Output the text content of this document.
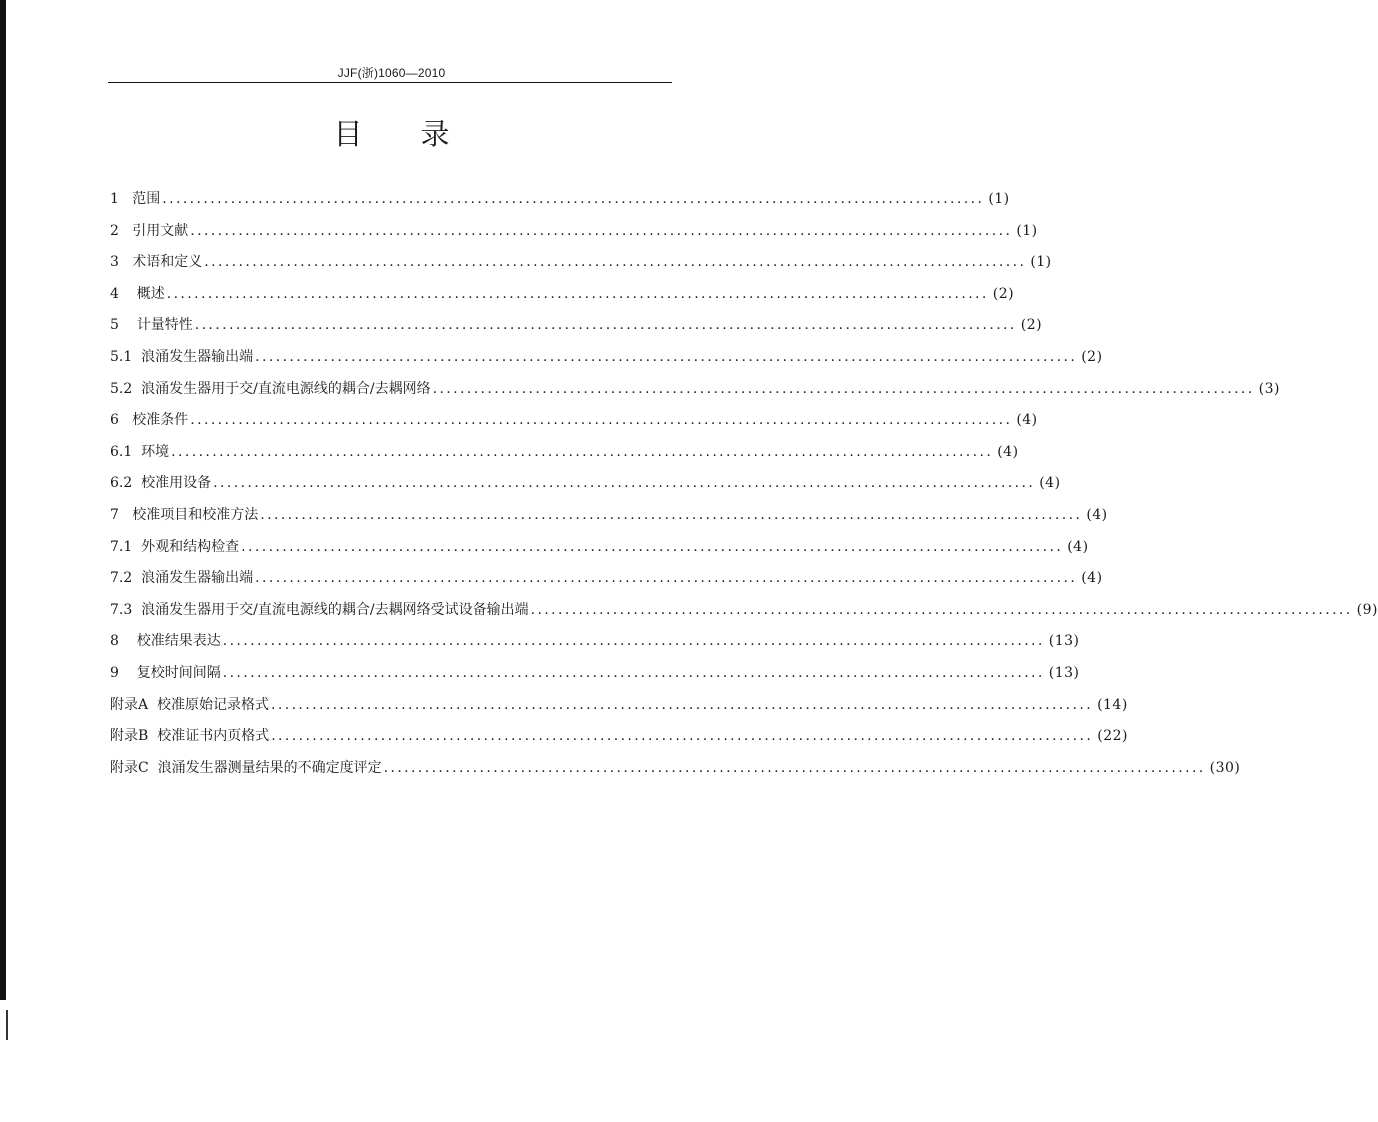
JJF(浙)1060—2010
目录
1
范围 ........................................................................................................................ (1)
2
引用文献 ........................................................................................................................ (1)
3
术语和定义 ........................................................................................................................ (1)
4
概述 ........................................................................................................................ (2)
5
计量特性 ........................................................................................................................ (2)
5.1
浪涌发生器输出端 ........................................................................................................................ (2)
5.2
浪涌发生器用于交/直流电源线的耦合/去耦网络 ........................................................................................................................ (3)
6
校准条件 ........................................................................................................................ (4)
6.1
环境 ........................................................................................................................ (4)
6.2
校准用设备 ........................................................................................................................ (4)
7
校准项目和校准方法 ........................................................................................................................ (4)
7.1
外观和结构检查 ........................................................................................................................ (4)
7.2
浪涌发生器输出端 ........................................................................................................................ (4)
7.3
浪涌发生器用于交/直流电源线的耦合/去耦网络受试设备输出端 ........................................................................................................................ (9)
8
校准结果表达 ........................................................................................................................ (13)
9
复校时间间隔 ........................................................................................................................ (13)
附录A
校准原始记录格式 ........................................................................................................................ (14)
附录B
校准证书内页格式 ........................................................................................................................ (22)
附录C
浪涌发生器测量结果的不确定度评定 ........................................................................................................................ (30)
